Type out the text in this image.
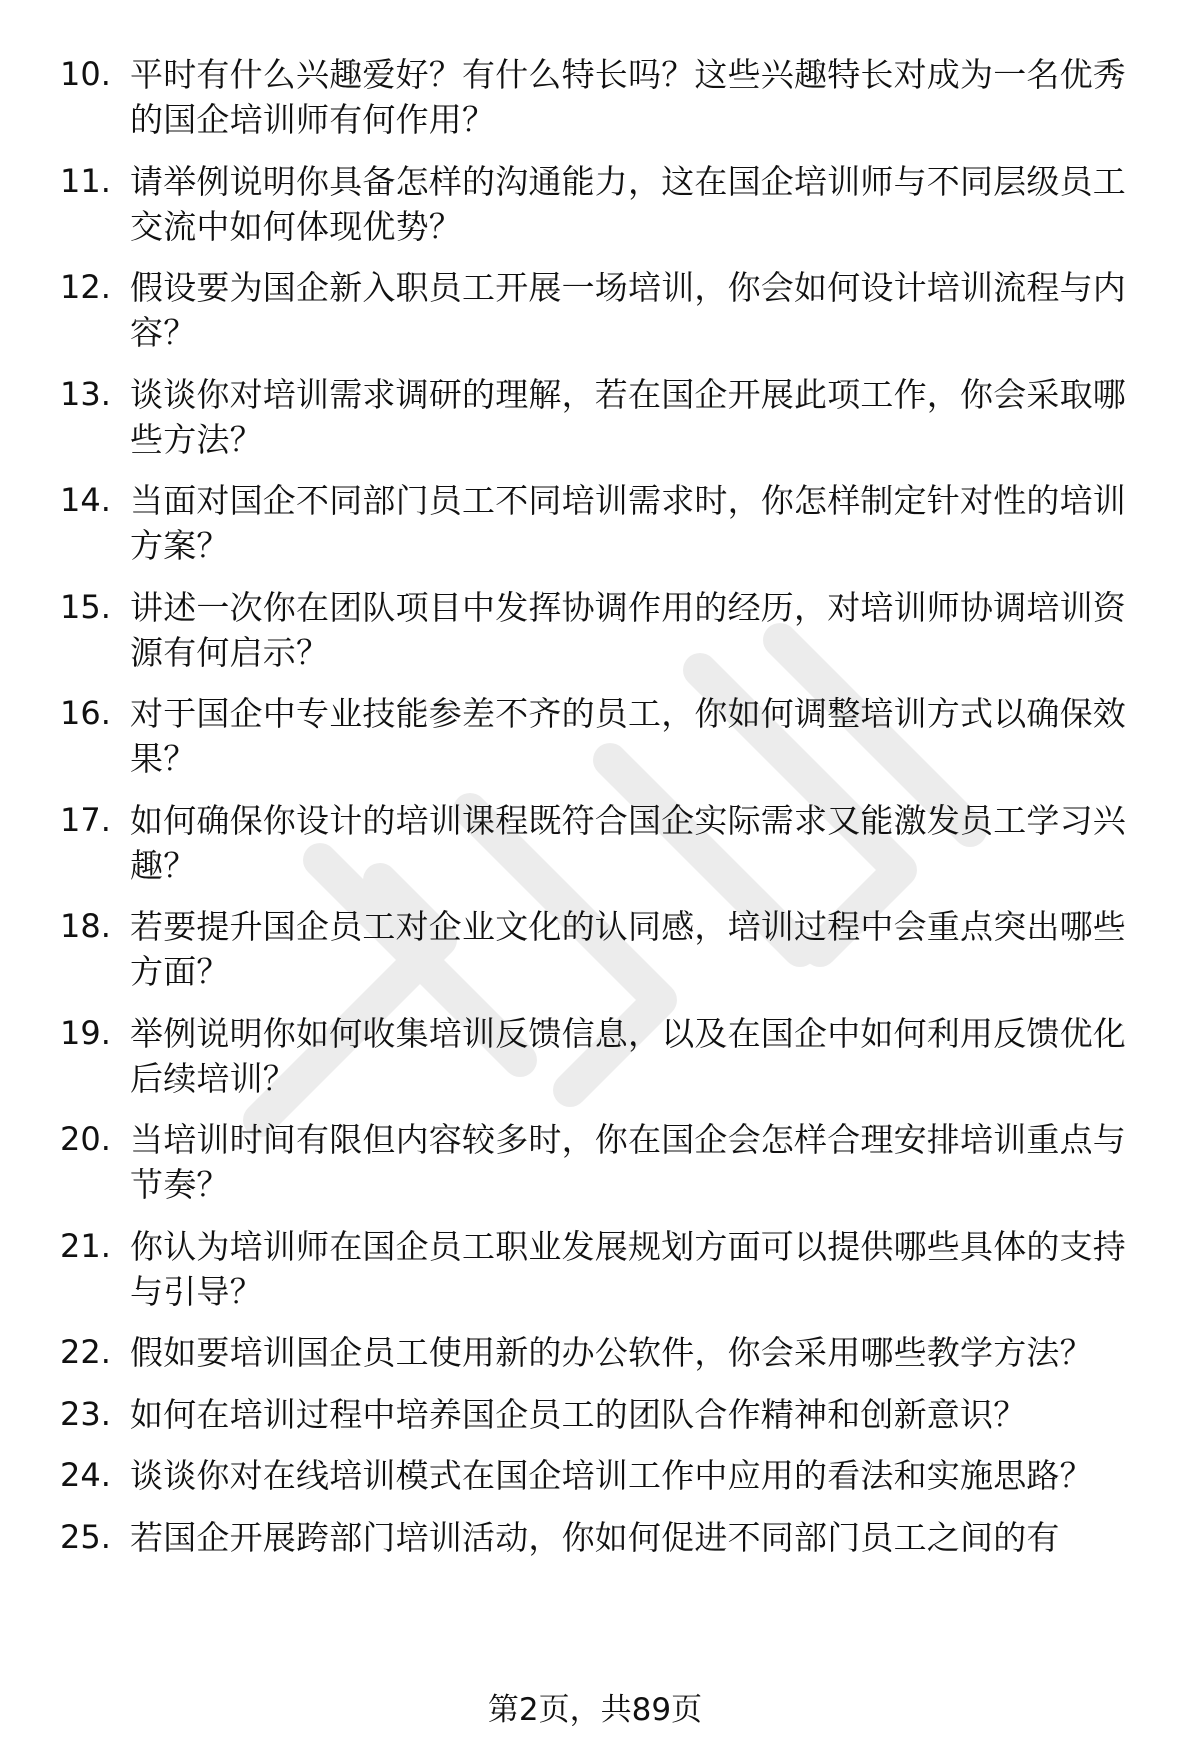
10. 平时有什么兴趣爱好？有什么特长吗？这些兴趣特长对成为一名优秀的国企培训师有何作用？
11. 请举例说明你具备怎样的沟通能力，这在国企培训师与不同层级员工交流中如何体现优势？
12. 假设要为国企新入职员工开展一场培训，你会如何设计培训流程与内容？
13. 谈谈你对培训需求调研的理解，若在国企开展此项工作，你会采取哪些方法？
14. 当面对国企不同部门员工不同培训需求时，你怎样制定针对性的培训方案？
15. 讲述一次你在团队项目中发挥协调作用的经历，对培训师协调培训资源有何启示？
16. 对于国企中专业技能参差不齐的员工，你如何调整培训方式以确保效果？
17. 如何确保你设计的培训课程既符合国企实际需求又能激发员工学习兴趣？
18. 若要提升国企员工对企业文化的认同感，培训过程中会重点突出哪些方面？
19. 举例说明你如何收集培训反馈信息，以及在国企中如何利用反馈优化后续培训？
20. 当培训时间有限但内容较多时，你在国企会怎样合理安排培训重点与节奏？
21. 你认为培训师在国企员工职业发展规划方面可以提供哪些具体的支持与引导？
22. 假如要培训国企员工使用新的办公软件，你会采用哪些教学方法？
23. 如何在培训过程中培养国企员工的团队合作精神和创新意识？
24. 谈谈你对在线培训模式在国企培训工作中应用的看法和实施思路？
25. 若国企开展跨部门培训活动，你如何促进不同部门员工之间的有
第2页，共89页
